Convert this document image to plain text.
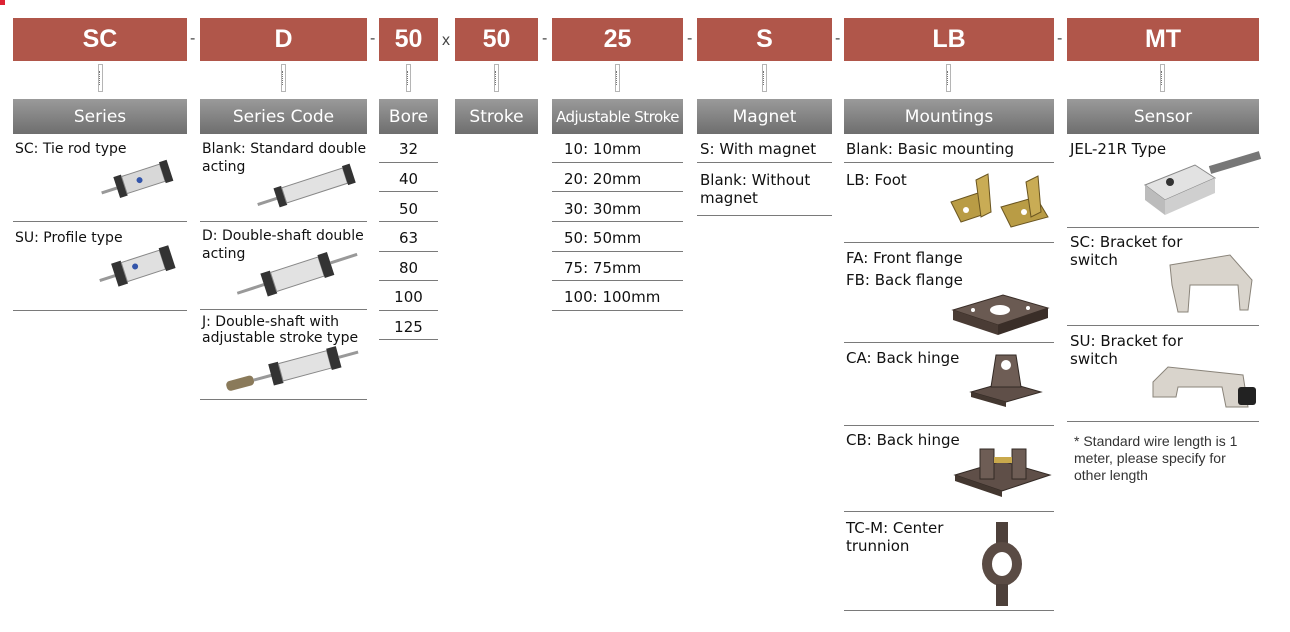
SC	-	D	- 50	x	50	-	25	-	S	-	LB	-	MT
Series	Series Code	Bore	Stroke	Adjustable Stroke	Magnet	Mountings	Sensor
SC: Tie rod type
SU: Profile type
Blank: Standard double acting
D: Double-shaft double acting
J: Double-shaft with adjustable stroke type
32
40
50
63
80
100
125
10: 10mm
20: 20mm
30: 30mm
50: 50mm
75: 75mm
100: 100mm
S: With magnet
Blank: Without magnet
Blank: Basic mounting
LB: Foot
FA: Front flange
FB: Back flange
CA: Back hinge
CB: Back hinge
TC-M: Center trunnion
JEL-21R Type
SC: Bracket for switch
SU: Bracket for switch
* Standard wire length is 1 meter, please specify for other length
